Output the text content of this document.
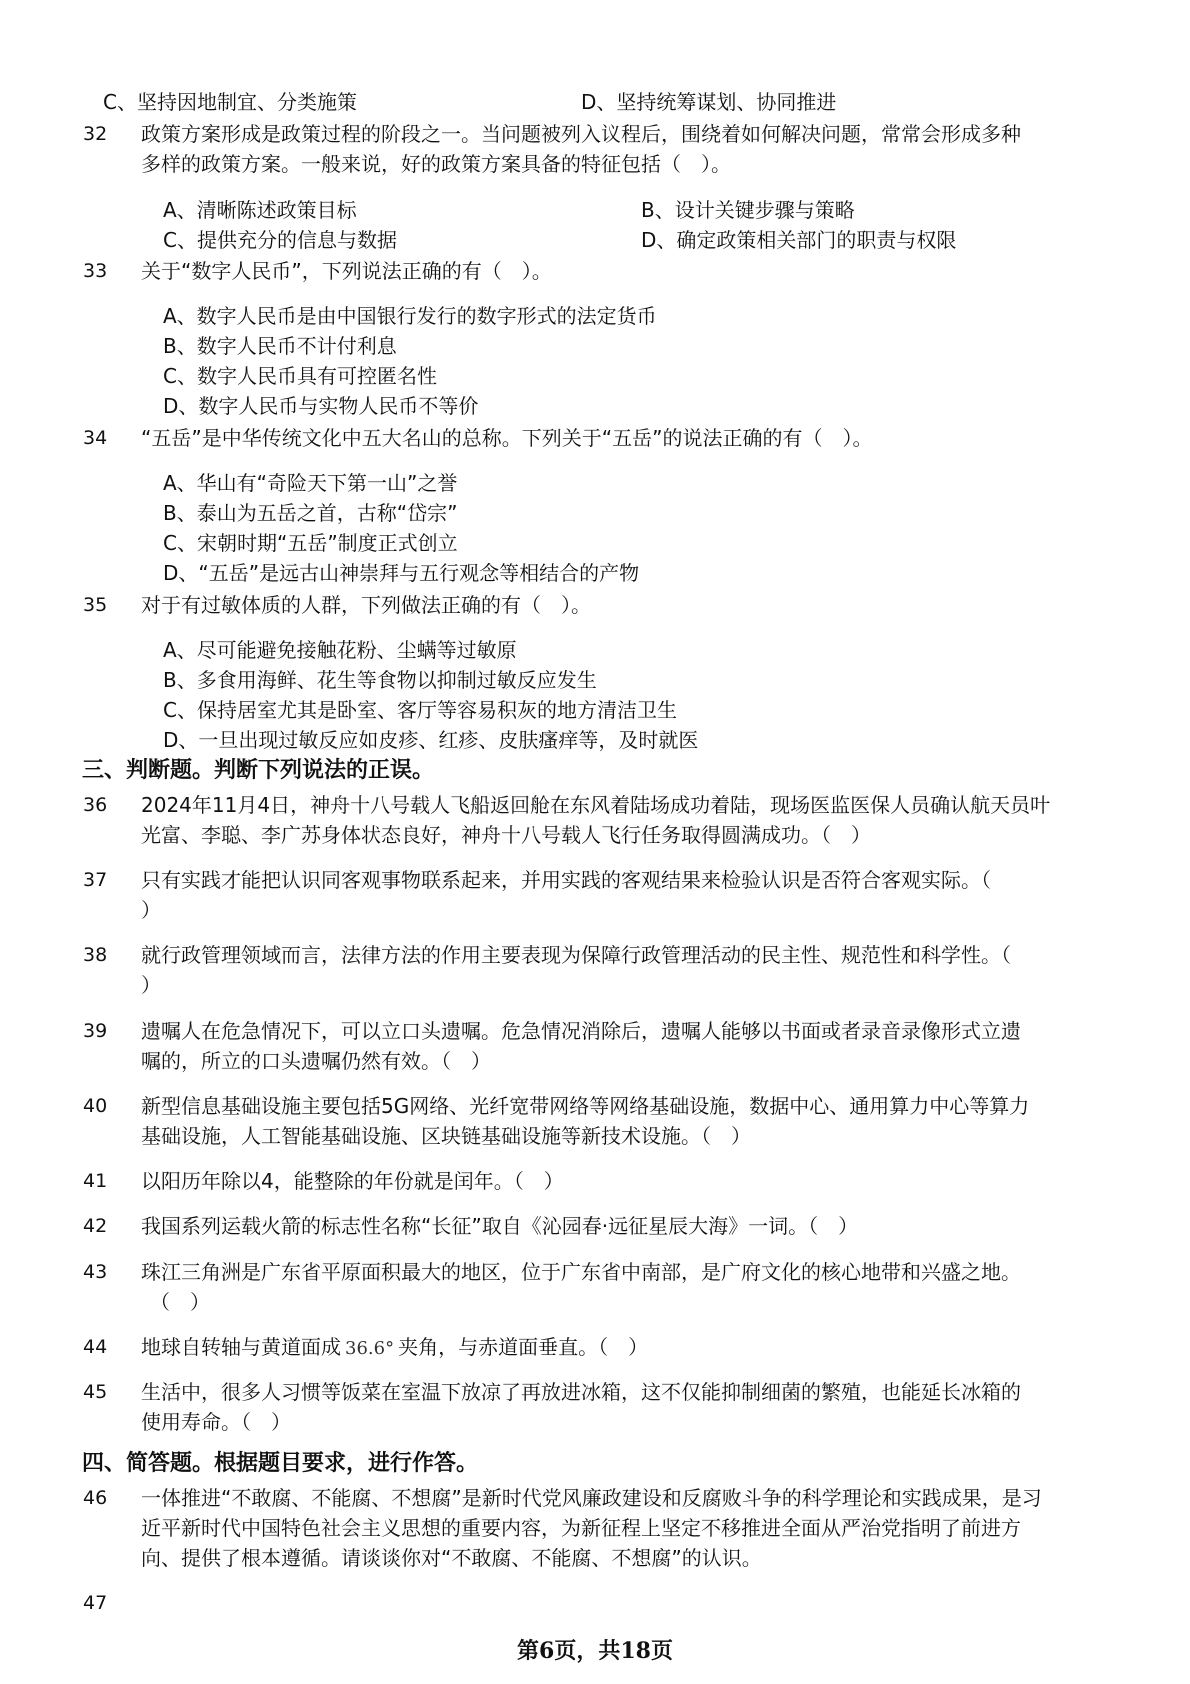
C、坚持因地制宜、分类施策	D、坚持统筹谋划、协同推进
32	政策方案形成是政策过程的阶段之一。当问题被列入议程后，围绕着如何解决问题，常常会形成多种
多样的政策方案。一般来说，好的政策方案具备的特征包括（　）。
A、清晰陈述政策目标	B、设计关键步骤与策略
C、提供充分的信息与数据	D、确定政策相关部门的职责与权限
33	关于“数字人民币”，下列说法正确的有（　）。
A、数字人民币是由中国银行发行的数字形式的法定货币
B、数字人民币不计付利息
C、数字人民币具有可控匿名性
D、数字人民币与实物人民币不等价
34	“五岳”是中华传统文化中五大名山的总称。下列关于“五岳”的说法正确的有（　）。
A、华山有“奇险天下第一山”之誉
B、泰山为五岳之首，古称“岱宗”
C、宋朝时期“五岳”制度正式创立
D、“五岳”是远古山神崇拜与五行观念等相结合的产物
35	对于有过敏体质的人群，下列做法正确的有（　）。
A、尽可能避免接触花粉、尘螨等过敏原
B、多食用海鲜、花生等食物以抑制过敏反应发生
C、保持居室尤其是卧室、客厅等容易积灰的地方清洁卫生
D、一旦出现过敏反应如皮疹、红疹、皮肤瘙痒等，及时就医
三、判断题。判断下列说法的正误。
36	2024年11月4日，神舟十八号载人飞船返回舱在东风着陆场成功着陆，现场医监医保人员确认航天员叶
光富、李聪、李广苏身体状态良好，神舟十八号载人飞行任务取得圆满成功。（　）
37	只有实践才能把认识同客观事物联系起来，并用实践的客观结果来检验认识是否符合客观实际。（
）
38	就行政管理领域而言，法律方法的作用主要表现为保障行政管理活动的民主性、规范性和科学性。（
）
39	遗嘱人在危急情况下，可以立口头遗嘱。危急情况消除后，遗嘱人能够以书面或者录音录像形式立遗
嘱的，所立的口头遗嘱仍然有效。（　）
40	新型信息基础设施主要包括5G网络、光纤宽带网络等网络基础设施，数据中心、通用算力中心等算力
基础设施，人工智能基础设施、区块链基础设施等新技术设施。（　）
41	以阳历年除以4，能整除的年份就是闰年。（　）
42	我国系列运载火箭的标志性名称“长征”取自《沁园春·远征星辰大海》一词。（　）
43	珠江三角洲是广东省平原面积最大的地区，位于广东省中南部，是广府文化的核心地带和兴盛之地。
（　）
44	地球自转轴与黄道面成 36.6° 夹角，与赤道面垂直。（　）
45	生活中，很多人习惯等饭菜在室温下放凉了再放进冰箱，这不仅能抑制细菌的繁殖，也能延长冰箱的
使用寿命。（　）
四、简答题。根据题目要求，进行作答。
46	一体推进“不敢腐、不能腐、不想腐”是新时代党风廉政建设和反腐败斗争的科学理论和实践成果，是习
近平新时代中国特色社会主义思想的重要内容，为新征程上坚定不移推进全面从严治党指明了前进方
向、提供了根本遵循。请谈谈你对“不敢腐、不能腐、不想腐”的认识。
47
第6页，共18页
